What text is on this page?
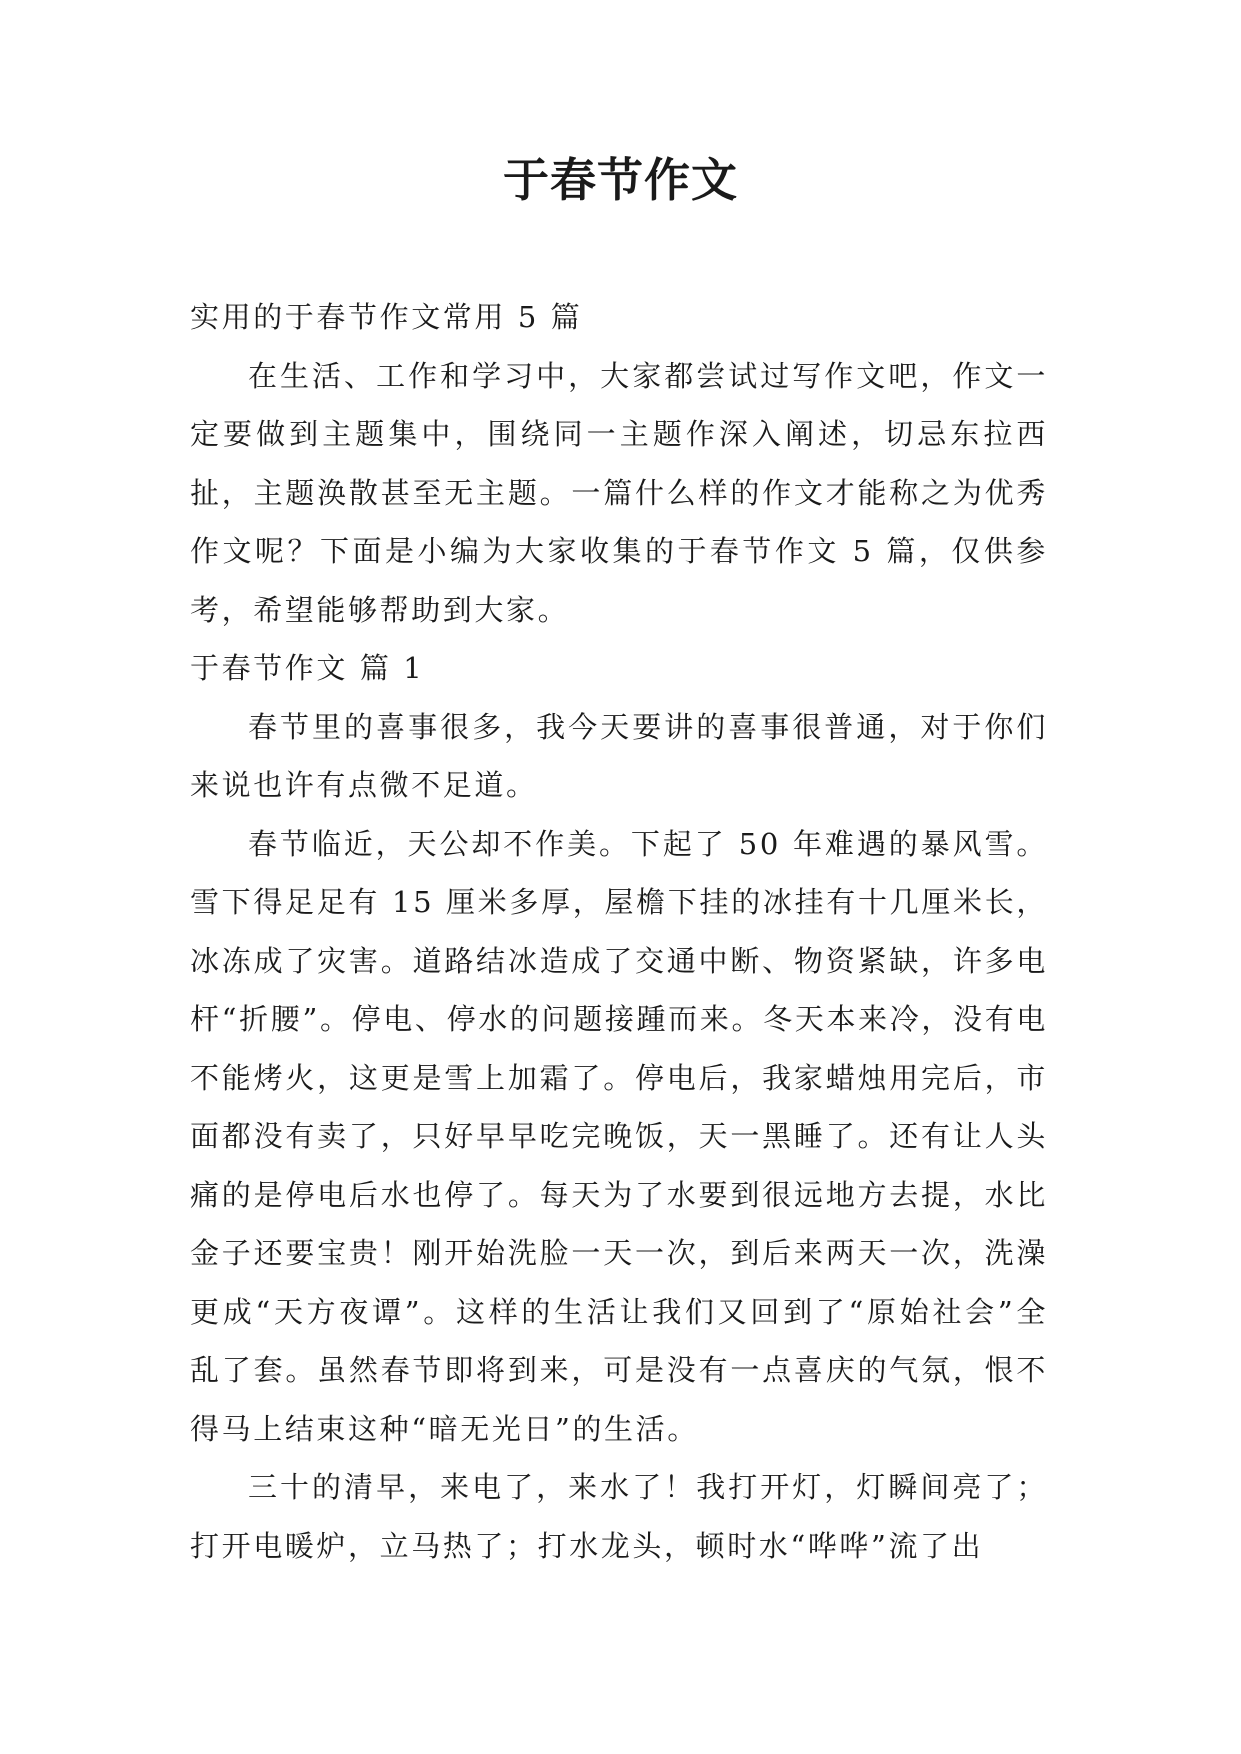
于春节作文

实用的于春节作文常用 5 篇

在生活、工作和学习中，大家都尝试过写作文吧，作文一定要做到主题集中，围绕同一主题作深入阐述，切忌东拉西扯，主题涣散甚至无主题。一篇什么样的作文才能称之为优秀作文呢？下面是小编为大家收集的于春节作文 5 篇，仅供参考，希望能够帮助到大家。

于春节作文 篇 1

春节里的喜事很多，我今天要讲的喜事很普通，对于你们来说也许有点微不足道。

春节临近，天公却不作美。下起了 50 年难遇的暴风雪。雪下得足足有 15 厘米多厚，屋檐下挂的冰挂有十几厘米长，冰冻成了灾害。道路结冰造成了交通中断、物资紧缺，许多电杆“折腰”。停电、停水的问题接踵而来。冬天本来冷，没有电不能烤火，这更是雪上加霜了。停电后，我家蜡烛用完后，市面都没有卖了，只好早早吃完晚饭，天一黑睡了。还有让人头痛的是停电后水也停了。每天为了水要到很远地方去提，水比金子还要宝贵！刚开始洗脸一天一次，到后来两天一次，洗澡更成“天方夜谭”。这样的生活让我们又回到了“原始社会”全乱了套。虽然春节即将到来，可是没有一点喜庆的气氛，恨不得马上结束这种“暗无光日”的生活。

三十的清早，来电了，来水了！我打开灯，灯瞬间亮了；打开电暖炉，立马热了；打水龙头，顿时水“哗哗”流了出
